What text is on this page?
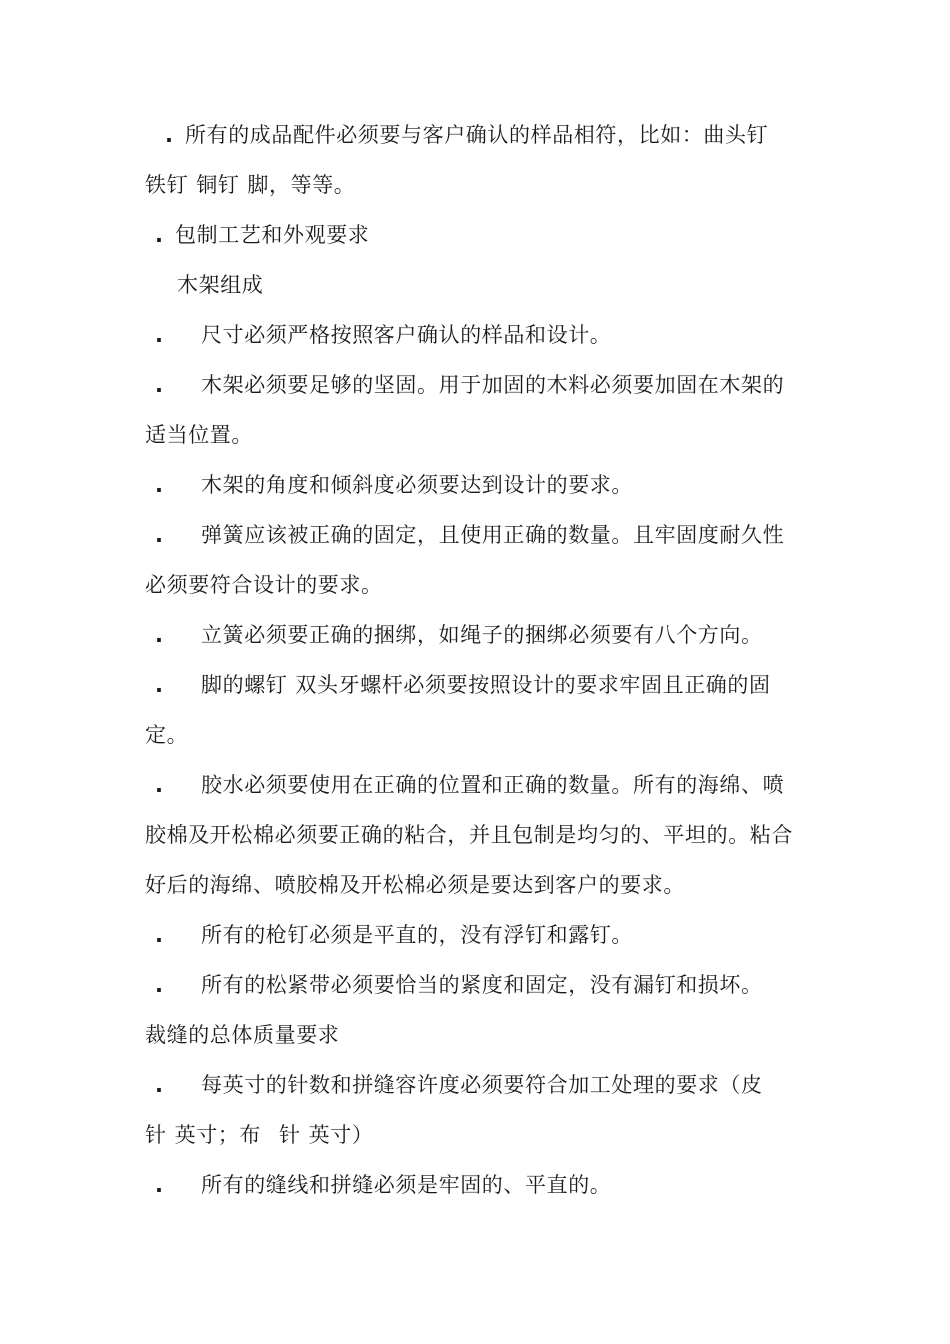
. 所有的成品配件必须要与客户确认的样品相符，比如：曲头钉
铁钉 铜钉 脚，等等。
. 包制工艺和外观要求
木架组成
. 尺寸必须严格按照客户确认的样品和设计。
. 木架必须要足够的坚固。用于加固的木料必须要加固在木架的
适当位置。
. 木架的角度和倾斜度必须要达到设计的要求。
. 弹簧应该被正确的固定，且使用正确的数量。且牢固度耐久性
必须要符合设计的要求。
. 立簧必须要正确的捆绑，如绳子的捆绑必须要有八个方向。
. 脚的螺钉 双头牙螺杆必须要按照设计的要求牢固且正确的固
定。
. 胶水必须要使用在正确的位置和正确的数量。所有的海绵、喷
胶棉及开松棉必须要正确的粘合，并且包制是均匀的、平坦的。粘合
好后的海绵、喷胶棉及开松棉必须是要达到客户的要求。
. 所有的枪钉必须是平直的，没有浮钉和露钉。
. 所有的松紧带必须要恰当的紧度和固定，没有漏钉和损坏。
裁缝的总体质量要求
. 每英寸的针数和拼缝容许度必须要符合加工处理的要求（皮
针 英寸；布 针 英寸）
. 所有的缝线和拼缝必须是牢固的、平直的。
